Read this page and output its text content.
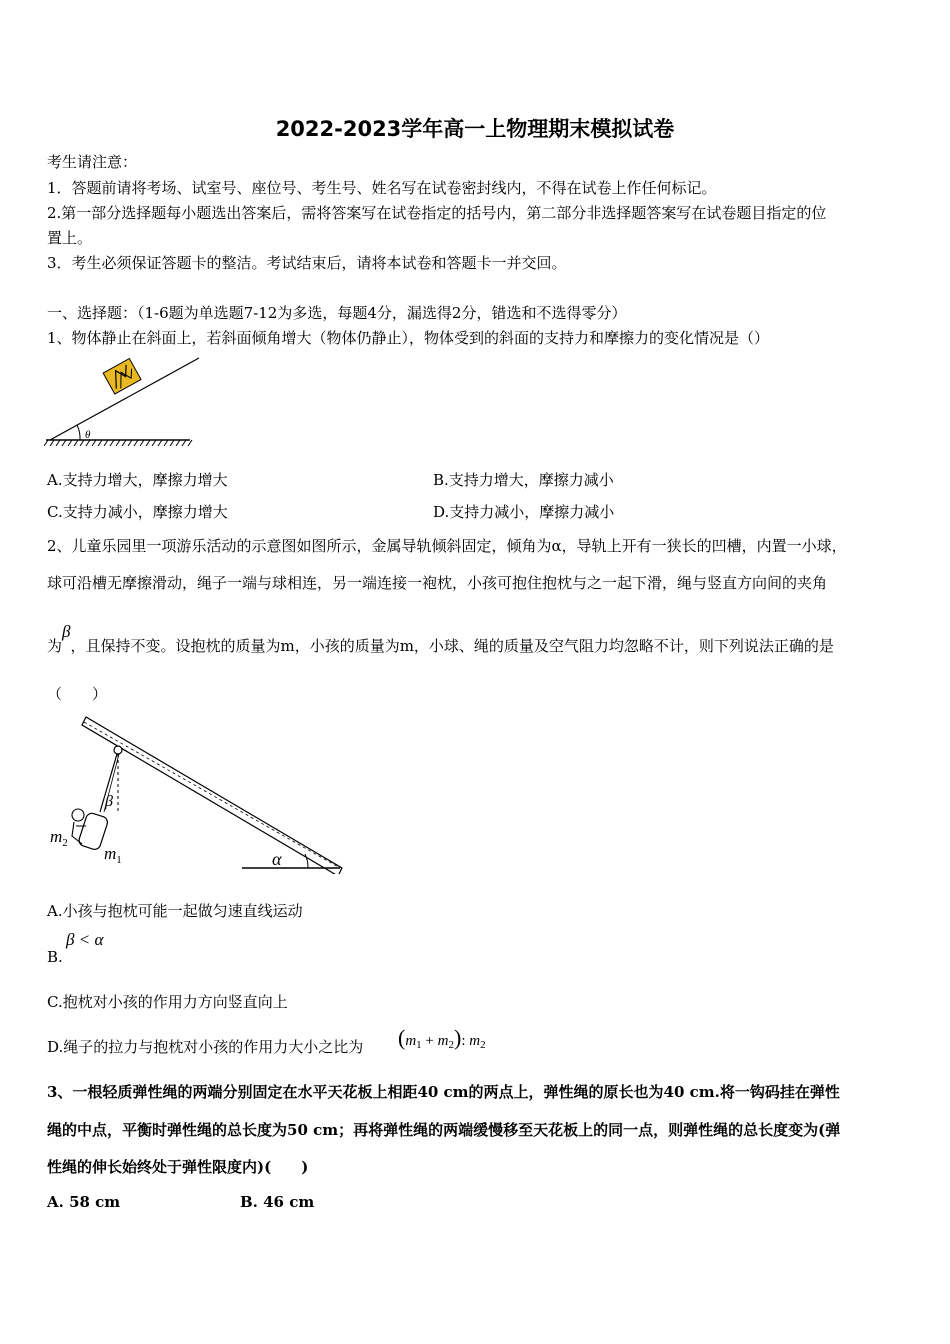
2022-2023学年高一上物理期末模拟试卷
考生请注意：
1．答题前请将考场、试室号、座位号、考生号、姓名写在试卷密封线内，不得在试卷上作任何标记。
2.第一部分选择题每小题选出答案后，需将答案写在试卷指定的括号内，第二部分非选择题答案写在试卷题目指定的位
置上。
3．考生必须保证答题卡的整洁。考试结束后，请将本试卷和答题卡一并交回。
一、选择题：（1-6题为单选题7-12为多选，每题4分，漏选得2分，错选和不选得零分）
1、物体静止在斜面上，若斜面倾角增大（物体仍静止），物体受到的斜面的支持力和摩擦力的变化情况是（）
θ
A.支持力增大，摩擦力增大	B.支持力增大，摩擦力减小
C.支持力减小，摩擦力增大	D.支持力减小，摩擦力减小
2、儿童乐园里一项游乐活动的示意图如图所示，金属导轨倾斜固定，倾角为α，导轨上开有一狭长的凹槽，内置一小球，
球可沿槽无摩擦滑动，绳子一端与球相连，另一端连接一袍枕，小孩可抱住抱枕与之一起下滑，绳与竖直方向间的夹角
为β，且保持不变。设抱枕的质量为m，小孩的质量为m，小球、绳的质量及空气阻力均忽略不计，则下列说法正确的是
（　　）
α
β
$m_2$
$m_1$
A.小孩与抱枕可能一起做匀速直线运动
β < α
B.
C.抱枕对小孩的作用力方向竖直向上
D.绳子的拉力与抱枕对小孩的作用力大小之比为 $(m_1 + m_2)$: $m_2$
3、一根轻质弹性绳的两端分别固定在水平天花板上相距40 cm的两点上，弹性绳的原长也为40 cm.将一钩码挂在弹性
绳的中点，平衡时弹性绳的总长度为50 cm；再将弹性绳的两端缓慢移至天花板上的同一点，则弹性绳的总长度变为(弹
性绳的伸长始终处于弹性限度内)(　　)
A. 58 cm	B. 46 cm
